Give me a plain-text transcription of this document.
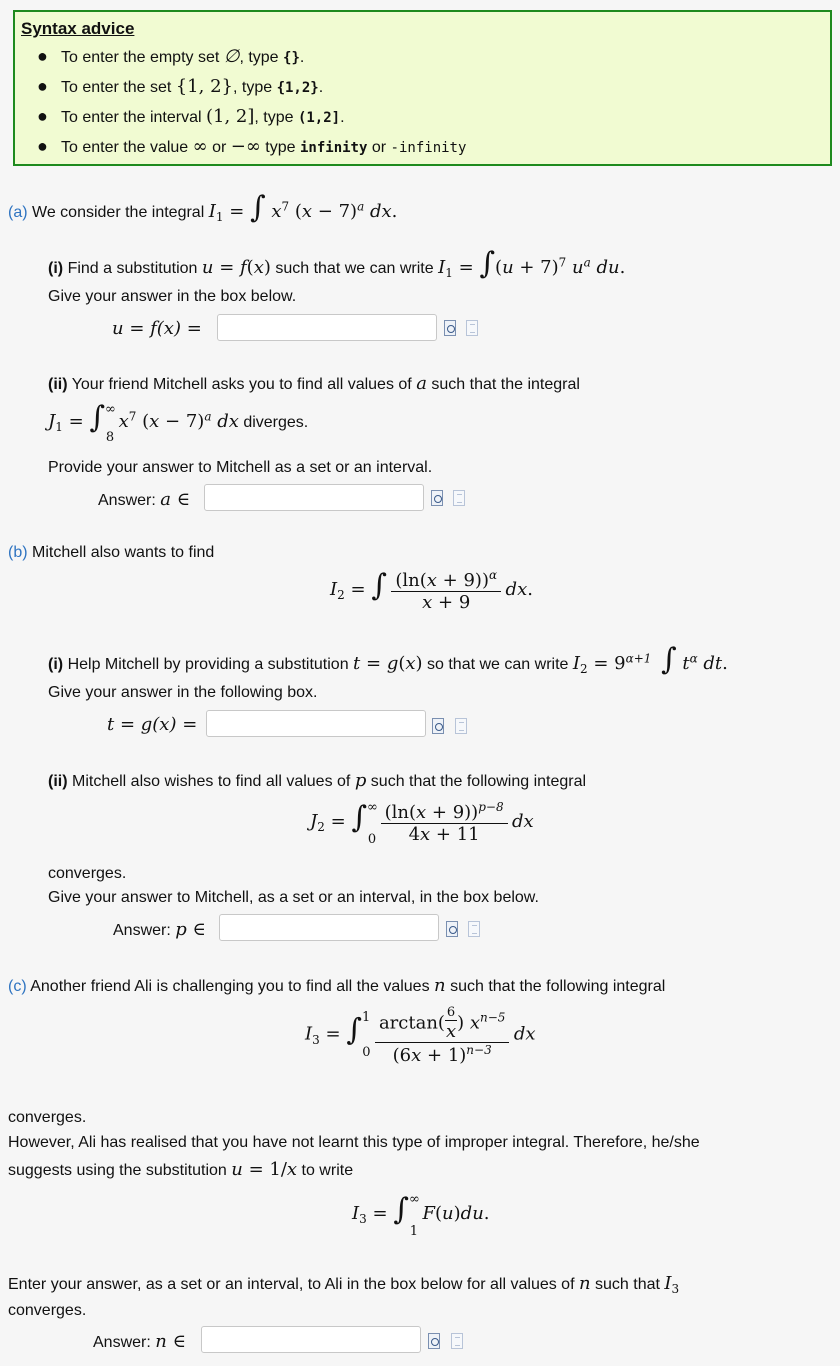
Syntax advice
● To enter the empty set ∅, type {}.
● To enter the set {1, 2}, type {1,2}.
● To enter the interval (1, 2], type (1,2].
● To enter the value ∞ or −∞ type infinity or -infinity
(a) We consider the integral $I_1$ = ∫ $x^7$ $(x - 7)^a$ dx.
(i) Find a substitution u = f(x) such that we can write $I_1 = \int(u + 7)^7$ $u^a$ du.
Give your answer in the box below.
u = f(x) =
(ii) Your friend Mitchell asks you to find all values of a such that the integral
$J_1 = \int^\infty_8$ $x^7$ $(x - 7)^a$ dx diverges.
Provide your answer to Mitchell as a set or an interval.
Answer: a ∈
(b) Mitchell also wants to find
$I_2$ = ∫ $\frac{(\ln(x + 9))^\alpha}{x + 9}$ dx.
(i) Help Mitchell by providing a substitution t = g(x) so that we can write $I_2 = 9^{\alpha+1}$ ∫ $t^\alpha$ dt.
Give your answer in the following box.
t = g(x) =
(ii) Mitchell also wishes to find all values of p such that the following integral
$J_2 = \int^\infty_0 \frac{(\ln(x + 9))^{p-8}}{4x + 11}$ dx
converges.
Give your answer to Mitchell, as a set or an interval, in the box below.
Answer: p ∈
(c) Another friend Ali is challenging you to find all the values n such that the following integral
$I_3 = \int^1_0 \frac{\arctan( \frac{6}{x} ) x^{n-5}}{(6x + 1)^{n-3}}$ dx
converges.
However, Ali has realised that you have not learnt this type of improper integral. Therefore, he/she
suggests using the substitution u = 1/x to write
$I_3 = \int^\infty_1$ F(u)du.
Enter your answer, as a set or an interval, to Ali in the box below for all values of n such that $I_3$
converges.
Answer: n ∈
